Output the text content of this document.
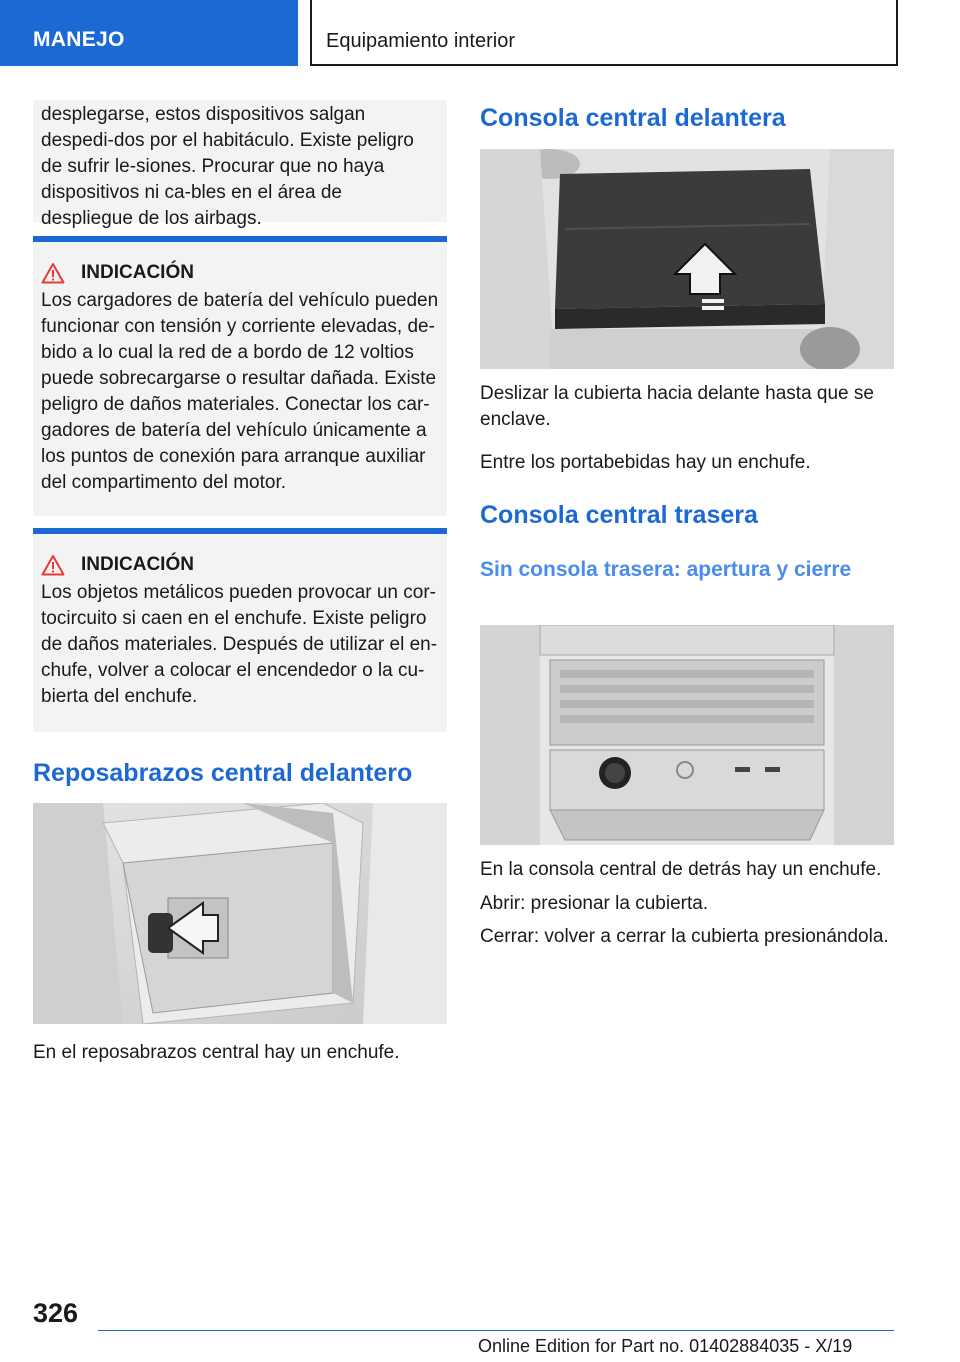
MANEJO	Equipamiento interior

desplegarse, estos dispositivos salgan despedi-dos por el habitáculo. Existe peligro de sufrir le-siones. Procurar que no haya dispositivos ni ca-bles en el área de despliegue de los airbags.

INDICACIÓN

Los cargadores de batería del vehículo pueden funcionar con tensión y corriente elevadas, de-bido a lo cual la red de a bordo de 12 voltios puede sobrecargarse o resultar dañada. Existe peligro de daños materiales. Conectar los car-gadores de batería del vehículo únicamente a los puntos de conexión para arranque auxiliar del compartimento del motor.

INDICACIÓN

Los objetos metálicos pueden provocar un cor-tocircuito si caen en el enchufe. Existe peligro de daños materiales. Después de utilizar el en-chufe, volver a colocar el encendedor o la cu-bierta del enchufe.

Reposabrazos central delantero

En el reposabrazos central hay un enchufe.

Consola central delantera

Deslizar la cubierta hacia delante hasta que se enclave.

Entre los portabebidas hay un enchufe.

Consola central trasera
Sin consola trasera: apertura y cierre

En la consola central de detrás hay un enchufe.

Abrir: presionar la cubierta.

Cerrar: volver a cerrar la cubierta presionándola.

326
Online Edition for Part no. 01402884035 - X/19
